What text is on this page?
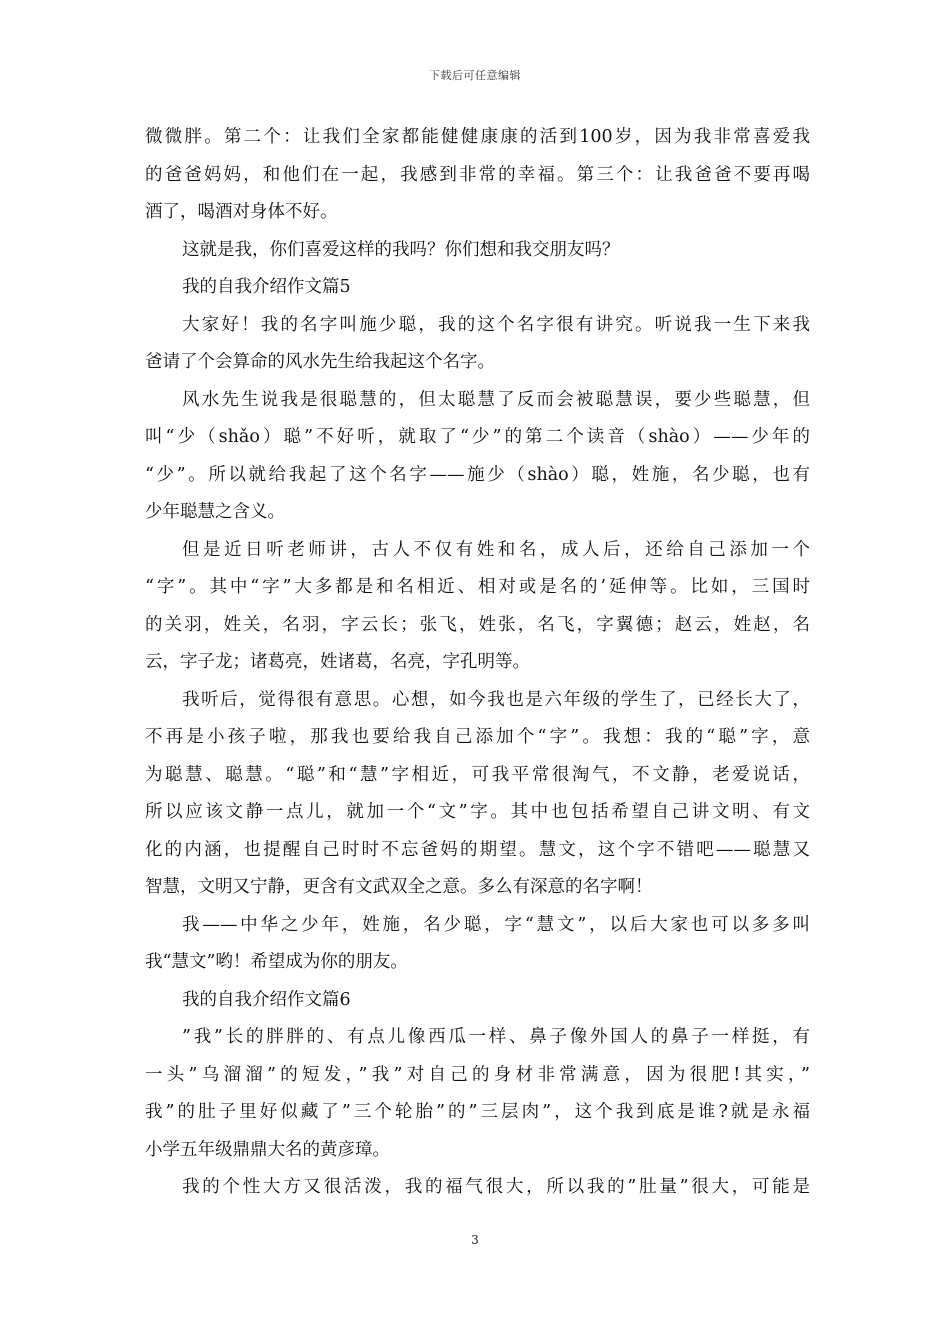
下载后可任意编辑
微微胖。第二个：让我们全家都能健健康康的活到100岁，因为我非常喜爱我
的爸爸妈妈，和他们在一起，我感到非常的幸福。第三个：让我爸爸不要再喝
酒了，喝酒对身体不好。
这就是我，你们喜爱这样的我吗？你们想和我交朋友吗？
我的自我介绍作文篇5
大家好！我的名字叫施少聪，我的这个名字很有讲究。听说我一生下来我
爸请了个会算命的风水先生给我起这个名字。
风水先生说我是很聪慧的，但太聪慧了反而会被聪慧误，要少些聪慧，但
叫“少（shǎo）聪”不好听，就取了“少”的第二个读音（shào）——少年的
“少”。所以就给我起了这个名字——施少（shào）聪，姓施，名少聪，也有
少年聪慧之含义。
但是近日听老师讲，古人不仅有姓和名，成人后，还给自己添加一个
“字”。其中“字”大多都是和名相近、相对或是名的’延伸等。比如，三国时
的关羽，姓关，名羽，字云长；张飞，姓张，名飞，字翼德；赵云，姓赵，名
云，字子龙；诸葛亮，姓诸葛，名亮，字孔明等。
我听后，觉得很有意思。心想，如今我也是六年级的学生了，已经长大了，
不再是小孩子啦，那我也要给我自己添加个“字”。我想：我的“聪”字，意
为聪慧、聪慧。“聪”和“慧”字相近，可我平常很淘气，不文静，老爱说话，
所以应该文静一点儿，就加一个“文”字。其中也包括希望自己讲文明、有文
化的内涵，也提醒自己时时不忘爸妈的期望。慧文，这个字不错吧——聪慧又
智慧，文明又宁静，更含有文武双全之意。多么有深意的名字啊！
我——中华之少年，姓施，名少聪，字“慧文”，以后大家也可以多多叫
我“慧文”哟！希望成为你的朋友。
我的自我介绍作文篇6
”我”长的胖胖的、有点儿像西瓜一样、鼻子像外国人的鼻子一样挺，有
一头”乌溜溜”的短发，”我”对自己的身材非常满意，因为很肥!其实，”
我”的肚子里好似藏了”三个轮胎”的”三层肉”，这个我到底是谁?就是永福
小学五年级鼎鼎大名的黄彦璋。
我的个性大方又很活泼，我的福气很大，所以我的”肚量”很大，可能是
3
